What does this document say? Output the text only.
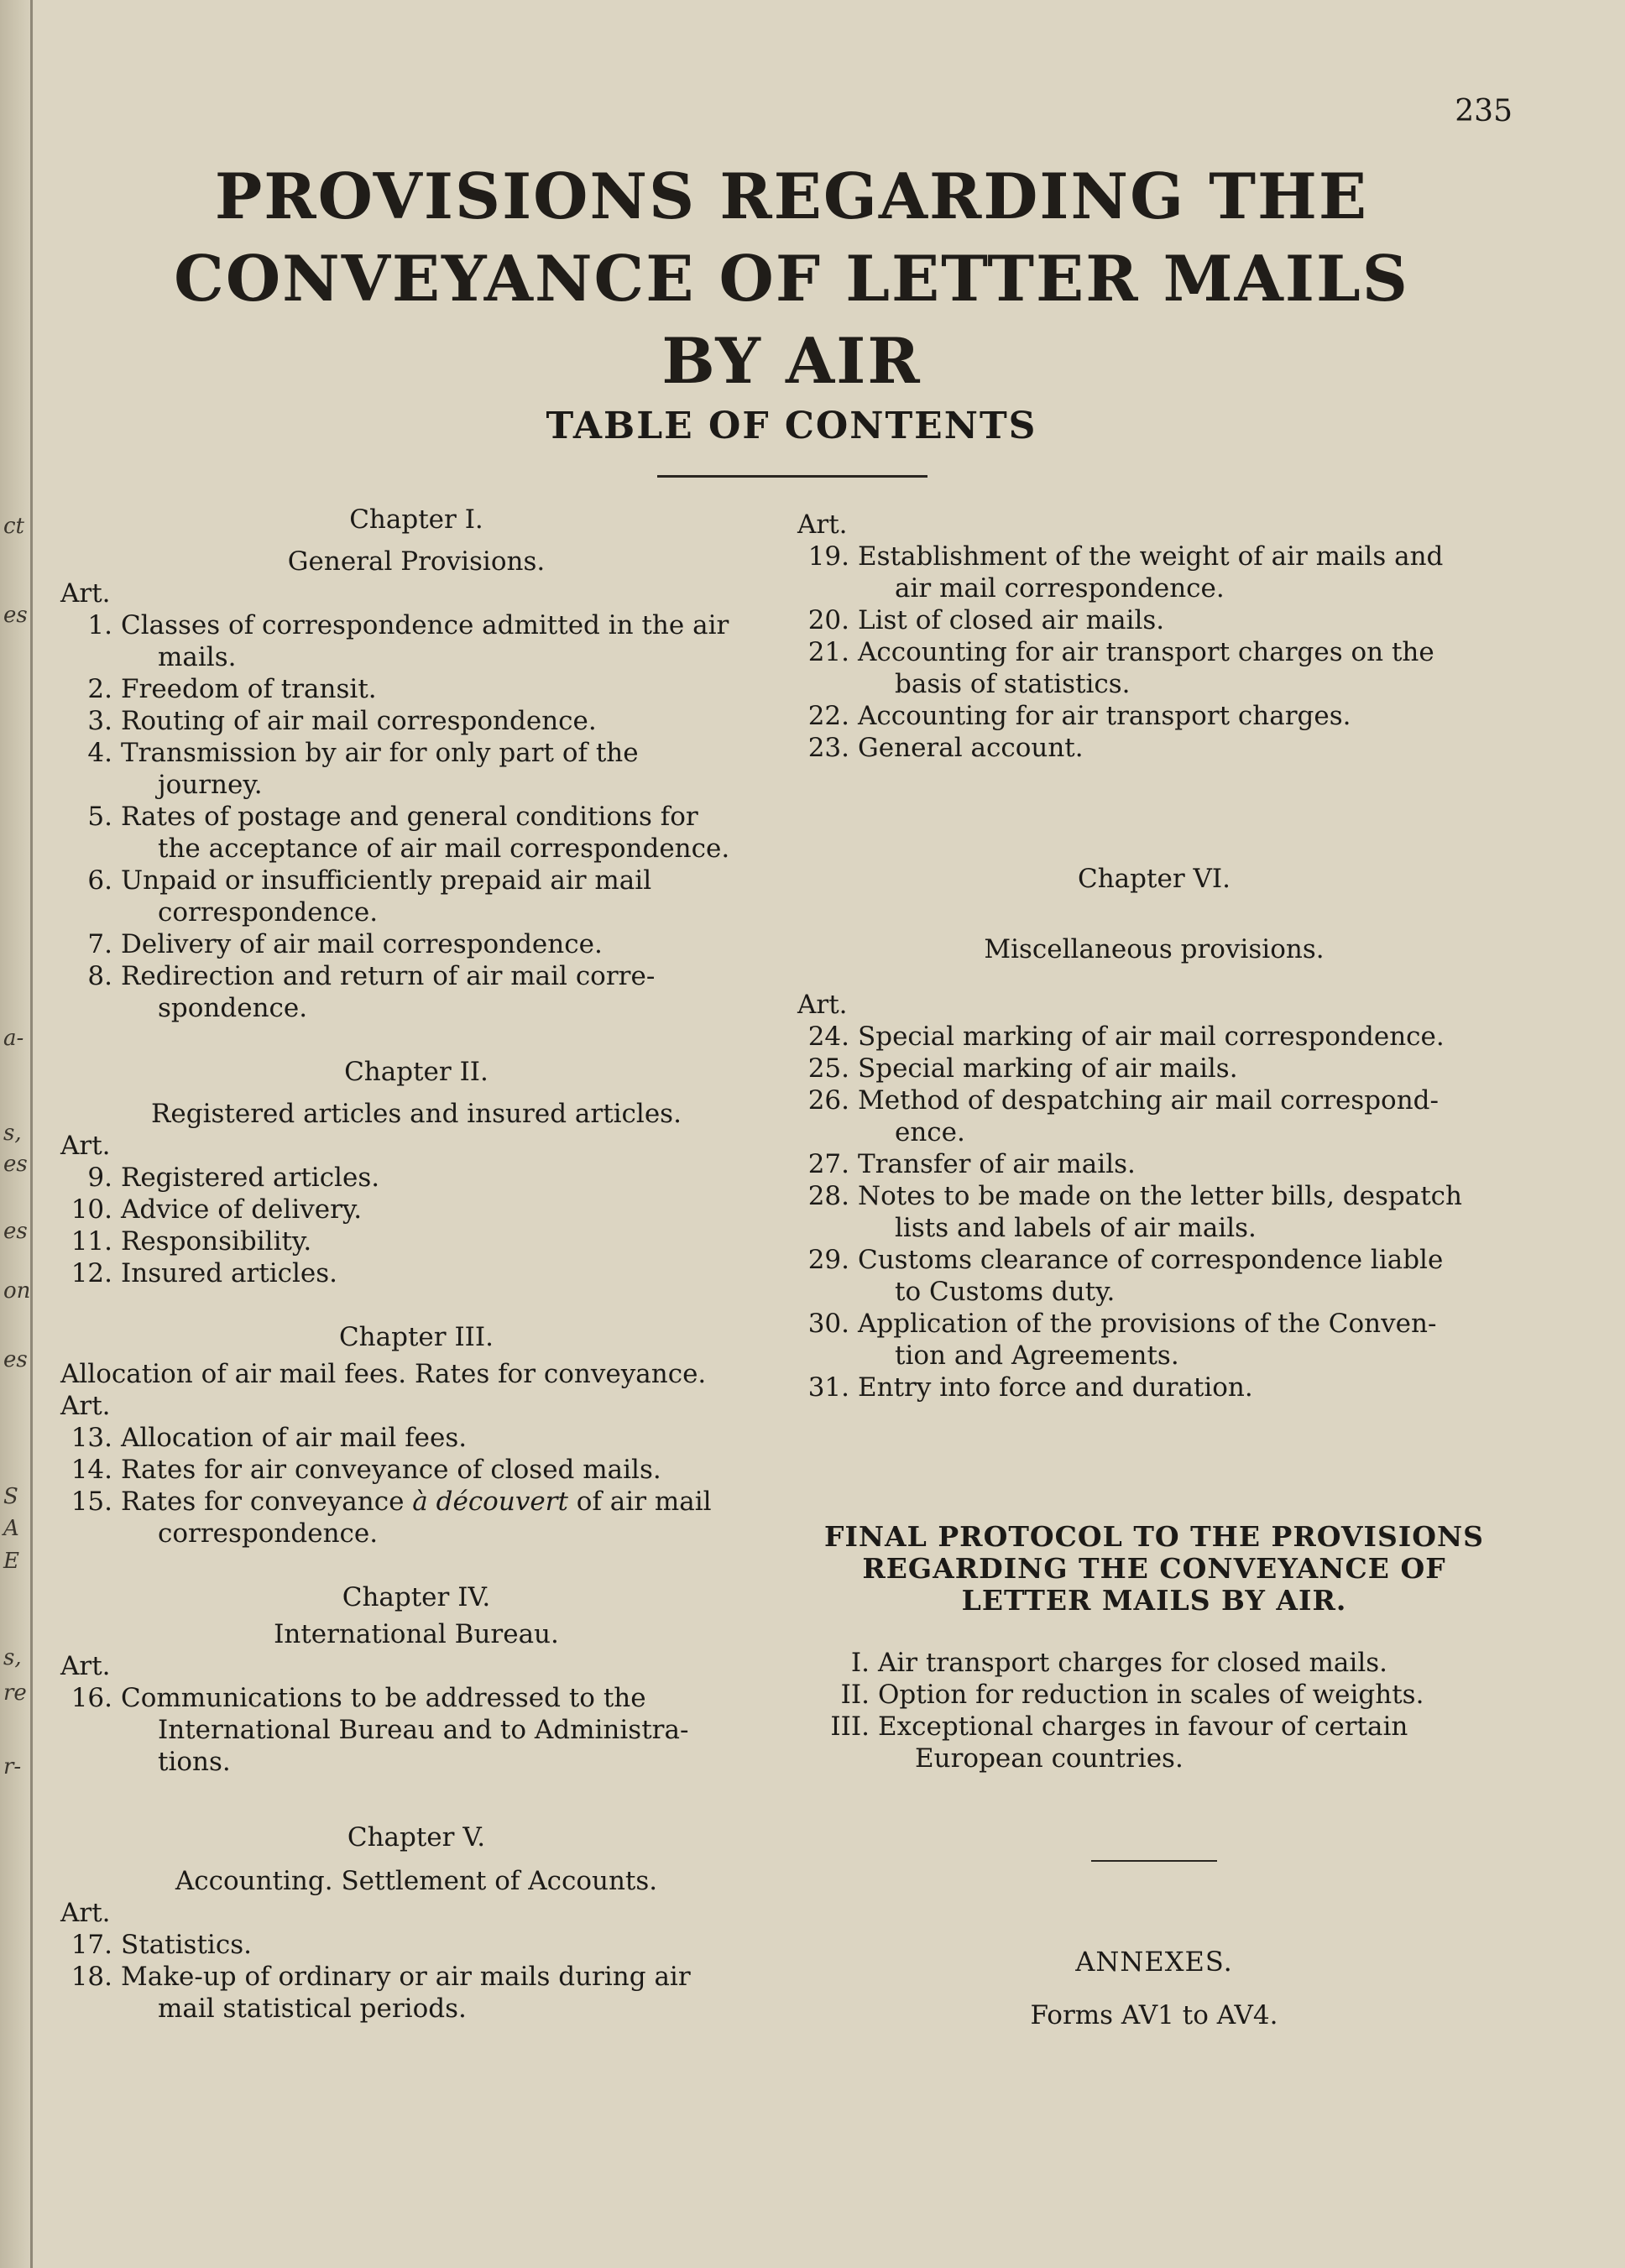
ct
es
a-
s,
es
es
on
es
S
A
E
s,
re
r-
235
PROVISIONS REGARDING THE
CONVEYANCE OF LETTER MAILS
BY AIR
TABLE OF CONTENTS

Chapter I.

General Provisions.

Art.

1. Classes of correspondence admitted in the air
mails.
2. Freedom of transit.
3. Routing of air mail correspondence.
4. Transmission by air for only part of the
journey.
5. Rates of postage and general conditions for
the acceptance of air mail correspondence.
6. Unpaid or insufficiently prepaid air mail
correspondence.
7. Delivery of air mail correspondence.
8. Redirection and return of air mail corre-
spondence.

Chapter II.

Registered articles and insured articles.

Art.

9. Registered articles.
10. Advice of delivery.
11. Responsibility.
12. Insured articles.

Chapter III.

Allocation of air mail fees. Rates for conveyance.

Art.

13. Allocation of air mail fees.
14. Rates for air conveyance of closed mails.
15. Rates for conveyance à découvert of air mail
correspondence.

Chapter IV.

International Bureau.

Art.

16. Communications to be addressed to the
International Bureau and to Administra-
tions.

Chapter V.

Accounting. Settlement of Accounts.

Art.

17. Statistics.
18. Make-up of ordinary or air mails during air
mail statistical periods.

Art.

19. Establishment of the weight of air mails and
air mail correspondence.
20. List of closed air mails.
21. Accounting for air transport charges on the
basis of statistics.
22. Accounting for air transport charges.
23. General account.

Chapter VI.

Miscellaneous provisions.

Art.

24. Special marking of air mail correspondence.
25. Special marking of air mails.
26. Method of despatching air mail correspond-
ence.
27. Transfer of air mails.
28. Notes to be made on the letter bills, despatch
lists and labels of air mails.
29. Customs clearance of correspondence liable
to Customs duty.
30. Application of the provisions of the Conven-
tion and Agreements.
31. Entry into force and duration.

FINAL PROTOCOL TO THE PROVISIONS

REGARDING THE CONVEYANCE OF

LETTER MAILS BY AIR.

I. Air transport charges for closed mails.
II. Option for reduction in scales of weights.
III. Exceptional charges in favour of certain
European countries.

ANNEXES.

Forms AV1 to AV4.
